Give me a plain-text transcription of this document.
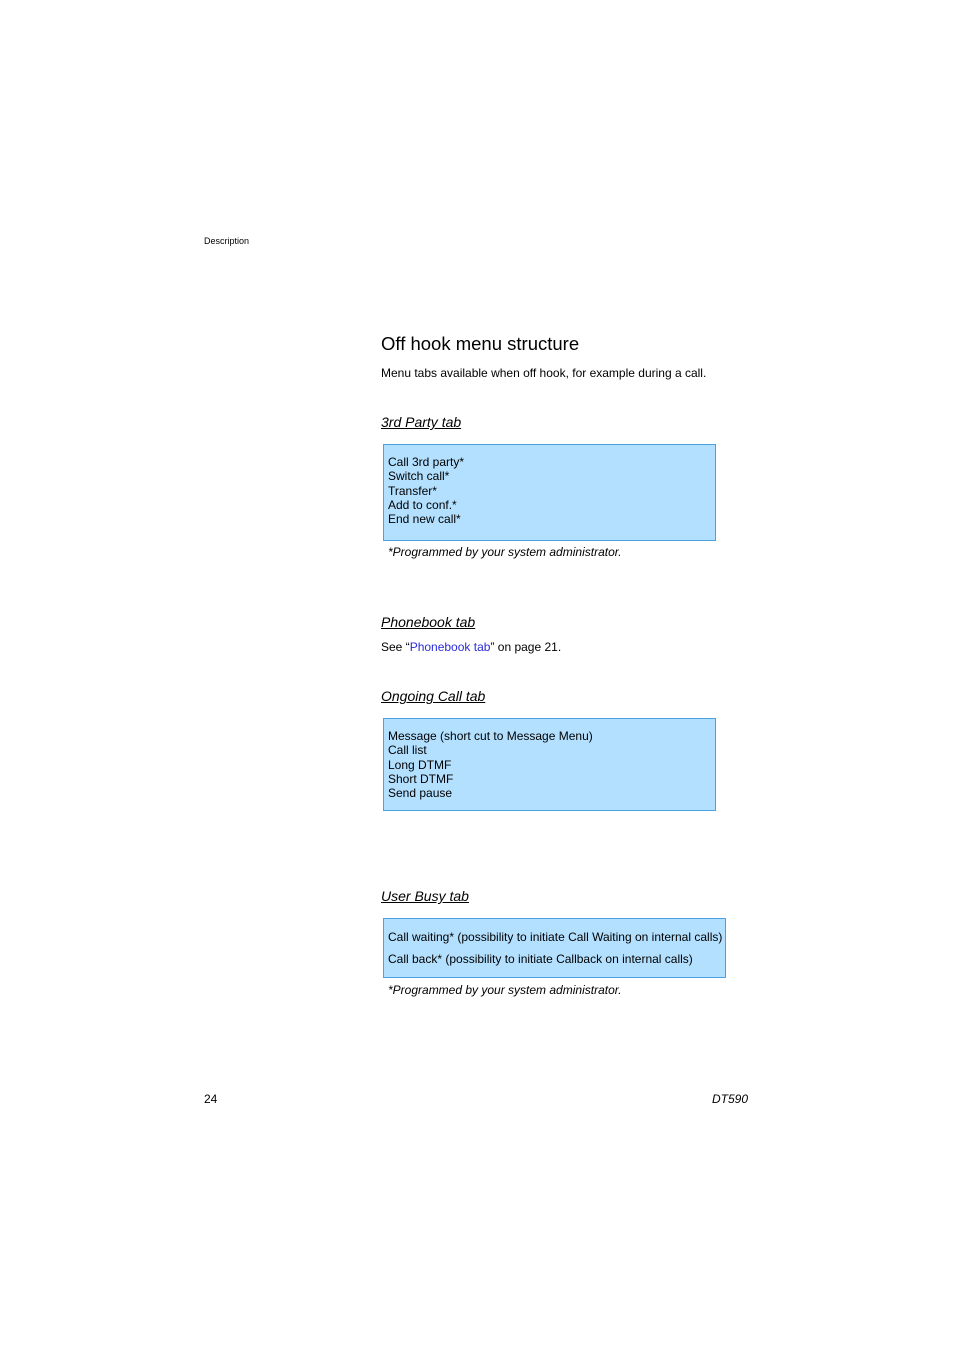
Description
Off hook menu structure
Menu tabs available when off hook, for example during a call.
3rd Party tab
Call 3rd party*
Switch call*
Transfer*
Add to conf.*
End new call*
*Programmed by your system administrator.
Phonebook tab
See “Phonebook tab” on page 21.
Ongoing Call tab
Message (short cut to Message Menu)
Call list
Long DTMF
Short DTMF
Send pause
User Busy tab
Call waiting* (possibility to initiate Call Waiting on internal calls)
Call back* (possibility to initiate Callback on internal calls)
*Programmed by your system administrator.
24	DT590
